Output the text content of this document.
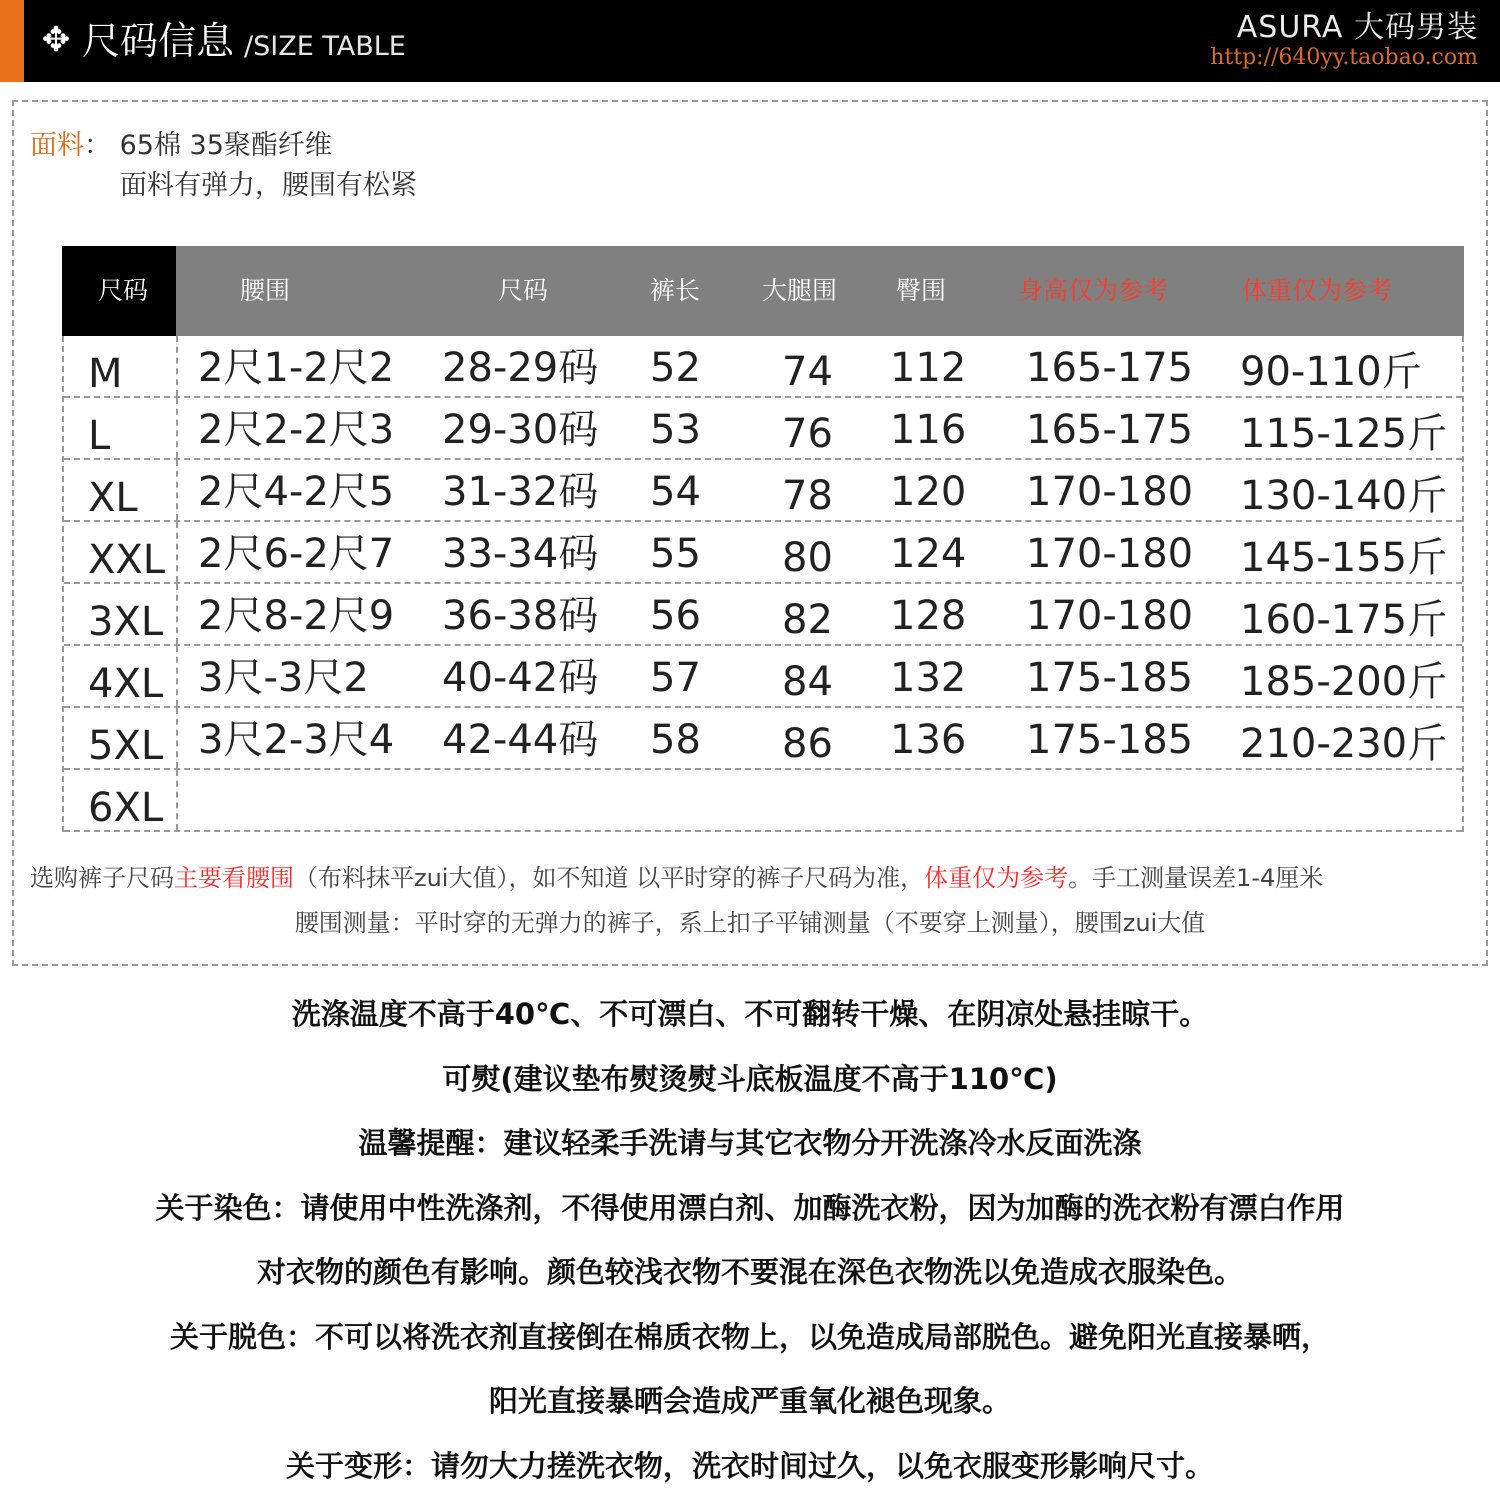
✥ 尺码信息 /SIZE TABLE
ASURA 大码男装
http://640yy.taobao.com
面料： 65棉 35聚酯纤维
面料有弹力，腰围有松紧
尺码	腰围	尺码	裤长 大腿围 臀围	身高仅为参考	体重仅为参考
M 2尺1-2尺2 28-29码 52 74 112 165-175 90-110斤
L 2尺2-2尺3 29-30码 53 76 116 165-175 115-125斤
XL 2尺4-2尺5 31-32码 54 78 120 170-180 130-140斤
XXL 2尺6-2尺7 33-34码 55 80 124 170-180 145-155斤
3XL 2尺8-2尺9 36-38码 56 82 128 170-180 160-175斤
4XL 3尺-3尺2 40-42码 57 84 132 175-185 185-200斤
5XL 3尺2-3尺4 42-44码 58 86 136 175-185 210-230斤
6XL
选购裤子尺码主要看腰围（布料抹平zui大值），如不知道 以平时穿的裤子尺码为准，体重仅为参考。手工测量误差1-4厘米
腰围测量：平时穿的无弹力的裤子，系上扣子平铺测量（不要穿上测量），腰围zui大值

洗涤温度不高于40℃、不可漂白、不可翻转干燥、在阴凉处悬挂晾干。

可熨(建议垫布熨烫熨斗底板温度不高于110℃)

温馨提醒：建议轻柔手洗请与其它衣物分开洗涤冷水反面洗涤

关于染色：请使用中性洗涤剂，不得使用漂白剂、加酶洗衣粉，因为加酶的洗衣粉有漂白作用

对衣物的颜色有影响。颜色较浅衣物不要混在深色衣物洗以免造成衣服染色。

关于脱色：不可以将洗衣剂直接倒在棉质衣物上，以免造成局部脱色。避免阳光直接暴晒，

阳光直接暴晒会造成严重氧化褪色现象。

关于变形：请勿大力搓洗衣物，洗衣时间过久，以免衣服变形影响尺寸。
